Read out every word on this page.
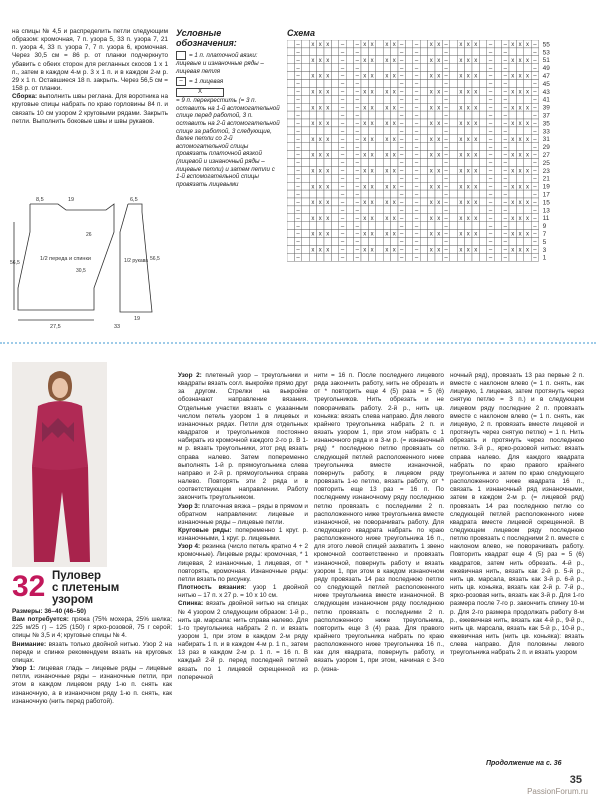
на спицы № 4,5 и распределить петли следующим образом: кромочная, 7 п. узора 5, 33 п. узора 7, 21 п. узора 4, 33 п. узора 7, 7 п. узора 6, кромочная. Через 30,5 см = 86 р. от планки подчеркнуто убавить с обеих сторон для регланных скосов 1 х 1 п., затем в каждом 4-м р. 3 х 1 п. и в каждом 2-м р. 29 х 1 п. Оставшиеся 18 п. закрыть. Через 56,5 см = 158 р. от планки.

Сборка: выполнить швы реглана. Для воротника на круговые спицы набрать по краю горловины 84 п. и связать 10 см узором 2 круговыми рядами. Закрыть петли. Выполнить боковые швы и швы рукавов.

8,5	19	6,5
1/2 переда и спинки	1/2 рукава
56,5
26
30,5
56,5
27,5	33
19
Условные обозначения:
= 1 п. платочной вязки: лицевые и изнаночные ряды – лицевая петля
– = 1 лицевая
X
= 9 п. перекрестить (= 3 п. оставить на 1-й вспомогательной спице перед работой, 3 п. оставить на 2-й вспомогательной спице за работой, 3 следующие, далее петли со 2-й вспомогательной спицы провязать платочной вязкой (лицевой и изнаночный ряды – лицевые петли) и затем петли с 1-й вспомогательной спицы провязать лицевыми
Схема
– x x x – – x x x x – – x x – x x x – – x x x – 55
–	– –	– –	–	– –	– 53
– x x x – – x x x x – – x x – x x x – – x x x – 51
–	– –	– –	–	– –	– 49
– x x x – – x x x x – – x x – x x x – – x x x – 47
–	– –	– –	–	– –	– 45
– x x x – – x x x x – – x x – x x x – – x x x – 43
–	– –	– –	–	– –	– 41
– x x x – – x x x x – – x x – x x x – – x x x – 39
–	– –	– –	–	– –	– 37
– x x x – – x x x x – – x x – x x x – – x x x – 35
–	– –	– –	–	– –	– 33
– x x x – – x x x x – – x x – x x x – – x x x – 31
–	– –	– –	–	– –	– 29
– x x x – – x x x x – – x x – x x x – – x x x – 27
–	– –	– –	–	– –	– 25
– x x x – – x x x x – – x x – x x x – – x x x – 23
–	– –	– –	–	– –	– 21
– x x x – – x x x x – – x x – x x x – – x x x – 19
–	– –	– –	–	– –	– 17
– x x x – – x x x x – – x x – x x x – – x x x – 15
–	– –	– –	–	– –	– 13
– x x x – – x x x x – – x x – x x x – – x x x – 11
–	– –	– –	–	– –	– 9
– x x x – – x x x x – – x x – x x x – – x x x – 7
–	– –	– –	–	– –	– 5
– x x x – – x x x x – – x x – x x x – – x x x – 3
–	– –	– –	–	– –	– 1
32 Пуловер
с плетеным
узором

Размеры: 36–40 (46–50)

Вам потребуется: пряжа (75% мохера, 25% шелка; 225 м/25 г) – 125 (150) г ярко-розовой, 75 г серой; спицы № 3,5 и 4; круговые спицы № 4.

Внимание: вязать только двойной нитью. Узор 2 на переде и спинке рекомендуем вязать на круговых спицах.

Узор 1: лицевая гладь – лицевые ряды – лицевые петли, изнаночные ряды – изнаночные петли, при этом в каждом лицевом ряду 1-ю п. снять как изнаночную, а в изнаночном ряду 1-ю п. снять, как изнаночную (нить перед работой).

Узор 2: плетеный узор – треугольники и квадраты вязать согл. выкройке прямо друг за другом. Стрелки на выкройке обозначают направление вязания. Отдельные участки вязать с указанным числом петель узором 1 в лицевых и изнаночных рядах. Петли для отдельных квадратов и треугольников постоянно набирать из кромочной каждого 2-го р. В 1-м р. вязать треугольники, этот ряд вязать справа налево. Затем попеременно выполнять 1-й р. прямоугольника слева направо и 2-й р. прямоугольника справа налево. Повторять эти 2 ряда и в соответствующем направлении. Работу закончить треугольником.

Узор 3: платочная вязка – ряды в прямом и обратном направлении: лицевые и изнаночные ряды – лицевые петли.

Круговые ряды: попеременно 1 круг. р. изнаночными, 1 круг. р. лицевыми.

Узор 4: резинка (число петель кратно 4 + 2 кромочные). Лицевые ряды: кромочная, * 1 лицевая, 2 изнаночные, 1 лицевая, от * повторять, кромочная. Изнаночные ряды: петли вязать по рисунку.

Плотность вязания: узор 1 двойной нитью – 17 п. х 27 р. = 10 х 10 см.

Спинка: вязать двойной нитью на спицах № 4 узором 2 следующим образом: 1-й р., нить цв. марсала: нить справа налево. Для 1-го треугольника набрать 2 п. и вязать узором 1, при этом в каждом 2-м ряду набирать 1 п. и в каждом 4-м р. 1 п., затем 13 раз в каждом 2-м р. 1 п. = 16 п. В каждый 2-й р. перед последней петлей вязать по 1 лицевой скрещенной из поперечной

нити = 16 п. После последнего лицевого ряда закончить работу, нить не обрезать и от * повторить еще 4 (5) раза = 5 (6) треугольников. Нить обрезать и не поворачивать работу. 2-й р., нить цв. коньяка: вязать слева направо. Для левого крайнего треугольника набрать 2 п. и вязать узором 1, при этом набрать с 1 изнаночного ряда и в 3-м р. (= изнаночный ряд) * последнюю петлю провязать со следующей петлей расположенного ниже треугольника вместе изнаночной, повернуть работу, в лицевом ряду провязать 1-ю петлю, вязать работу, от * повторить еще 13 раз = 16 п. По последнему изнаночному ряду последнюю петлю провязать с последними 2 п. расположенного ниже треугольника вместе изнаночной, не поворачивать работу. Для следующего квадрата набрать по краю расположенного ниже треугольника 16 п., для этого левой спицей захватить 1 звено кромочной соответственно и провязать изнаночной, повернуть работу и вязать узором 1, при этом в каждом изнаночном ряду провязать 14 раз последнюю петлю со следующей петлей расположенного ниже треугольника вместе изнаночной. В следующем изнаночном ряду последнюю петлю провязать с последними 2 п. расположенного ниже треугольника, повторить еще 3 (4) раза. Для правого крайнего треугольника набрать по краю расположенного ниже треугольника 16 п., как для квадрата, повернуть работу, и вязать узором 1, при этом, начиная с 3-го р. (изна-

ночный ряд), провязать 13 раз первые 2 п. вместе с наклоном влево (= 1 п. снять, как лицевую, 1 лицевая, затем протянуть через снятую петлю = 3 п.) и в следующем лицевом ряду последние 2 п. провязать вместе с наклоном влево (= 1 п. снять, как лицевую, 2 п. провязать вместе лицевой и протянуть через снятую петлю) = 1 п. Нить обрезать и протянуть через последнюю петлю. 3-й р., ярко-розовой нитью: вязать справа налево. Для каждого квадрата набрать по краю правого крайнего треугольника и затем по краю следующего расположенного ниже квадрата 16 п., связать 1 изнаночный ряд изнаночными, затем в каждом 2-м р. (= лицевой ряд) провязать 14 раз последнюю петлю со следующей петлей расположенного ниже квадрата вместе лицевой скрещенной. В следующем лицевом ряду последнюю петлю провязать с последними 2 п. вместе с наклоном влево, не поворачивать работу. Повторить квадрат еще 4 (5) раз = 5 (6) квадратов, затем нить обрезать. 4-й р., ежевичная нить, вязать как 2-й р. 5-й р., нить цв. марсала, вязать как 3-й р. 6-й р., нить цв. коньяка, вязать как 2-й р. 7-й р., ярко-розовая нить, вязать как 3-й р. Для 1-го размера после 7-го р. закончить спинку 10-м р. Для 2-го размера продолжать работу 8-м р., ежевичная нить, вязать как 4-й р., 9-й р., нить цв. марсала, вязать как 5-й р., 10-й р., ежевичная нить (нить цв. коньяка): вязать слева направо. Для половины левого треугольника набрать 2 п. и вязать узором

Продолжение на с. 36
35
PassionForum.ru
